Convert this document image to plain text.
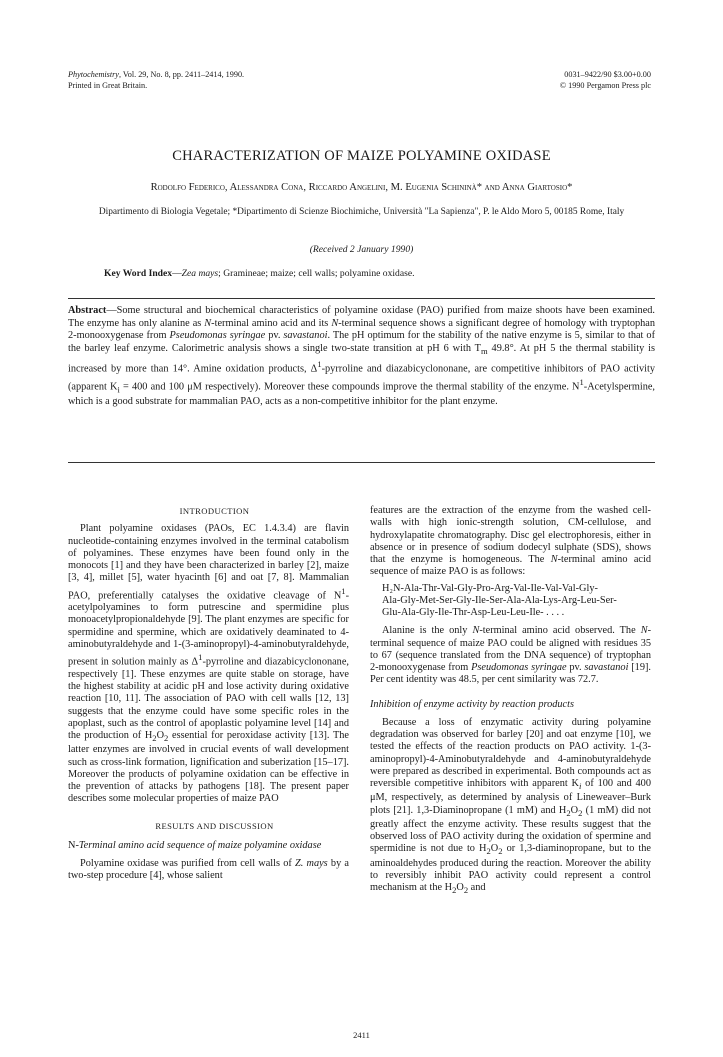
Phytochemistry, Vol. 29, No. 8, pp. 2411–2414, 1990.
Printed in Great Britain.
0031–9422/90 $3.00+0.00
© 1990 Pergamon Press plc
CHARACTERIZATION OF MAIZE POLYAMINE OXIDASE
Rodolfo Federico, Alessandra Cona, Riccardo Angelini, M. Eugenia Schininà* and Anna Giartosio*
Dipartimento di Biologia Vegetale; *Dipartimento di Scienze Biochimiche, Università "La Sapienza", P. le Aldo Moro 5, 00185 Rome, Italy
(Received 2 January 1990)
Key Word Index—Zea mays; Gramineae; maize; cell walls; polyamine oxidase.
Abstract—Some structural and biochemical characteristics of polyamine oxidase (PAO) purified from maize shoots have been examined. The enzyme has only alanine as N-terminal amino acid and its N-terminal sequence shows a significant degree of homology with tryptophan 2-monooxygenase from Pseudomonas syringae pv. savastanoi. The pH optimum for the stability of the native enzyme is 5, similar to that of the barley leaf enzyme. Calorimetric analysis shows a single two-state transition at pH 6 with $T_m$ 49.8°. At pH 5 the thermal stability is increased by more than 14°. Amine oxidation products, $\Delta^1$-pyrroline and diazabicyclononane, are competitive inhibitors of PAO activity (apparent $K_i = 400$ and 100 μM respectively). Moreover these compounds improve the thermal stability of the enzyme. $N^1$-Acetylspermine, which is a good substrate for mammalian PAO, acts as a non-competitive inhibitor for the plant enzyme.

INTRODUCTION

Plant polyamine oxidases (PAOs, EC 1.4.3.4) are flavin nucleotide-containing enzymes involved in the terminal catabolism of polyamines. These enzymes have been found only in the monocots [1] and they have been characterized in barley [2], maize [3, 4], millet [5], water hyacinth [6] and oat [7, 8]. Mammalian PAO, preferentially catalyses the oxidative cleavage of $N^1$-acetylpolyamines to form putrescine and spermidine plus monoacetylpropionaldehyde [9]. The plant enzymes are specific for spermidine and spermine, which are oxidatively deaminated to 4-aminobutyraldehyde and 1-(3-aminopropyl)-4-aminobutyraldehyde, present in solution mainly as $\Delta^1$-pyrroline and diazabicyclononane, respectively [1]. These enzymes are quite stable on storage, have the highest stability at acidic pH and lose activity during oxidative reaction [10, 11]. The association of PAO with cell walls [12, 13] suggests that the enzyme could have some specific roles in the apoplast, such as the control of apoplastic polyamine level [14] and the production of $H_2O_2$ essential for peroxidase activity [13]. The latter enzymes are involved in crucial events of wall development such as cross-link formation, lignification and suberization [15–17]. Moreover the products of polyamine oxidation can be effective in the prevention of attacks by pathogens [18]. The present paper describes some molecular properties of maize PAO

RESULTS AND DISCUSSION

N-Terminal amino acid sequence of maize polyamine oxidase

Polyamine oxidase was purified from cell walls of Z. mays by a two-step procedure [4], whose salient

features are the extraction of the enzyme from the washed cell-walls with high ionic-strength solution, CM-cellulose, and hydroxylapatite chromatography. Disc gel electrophoresis, either in absence or in presence of sodium dodecyl sulphate (SDS), shows that the enzyme is homogeneous. The N-terminal amino acid sequence of maize PAO is as follows:

H₂N-Ala-Thr-Val-Gly-Pro-Arg-Val-Ile-Val-Val-Gly-

Ala-Gly-Met-Ser-Gly-Ile-Ser-Ala-Ala-Lys-Arg-Leu-Ser-

Glu-Ala-Gly-Ile-Thr-Asp-Leu-Leu-Ile- . . . .

Alanine is the only N-terminal amino acid observed. The N-terminal sequence of maize PAO could be aligned with residues 35 to 67 (sequence translated from the DNA sequence) of tryptophan 2-monooxygenase from Pseudomonas syringae pv. savastanoi [19]. Per cent identity was 48.5, per cent similarity was 72.7.

Inhibition of enzyme activity by reaction products

Because a loss of enzymatic activity during polyamine degradation was observed for barley [20] and oat enzyme [10], we tested the effects of the reaction products on PAO activity. 1-(3-aminopropyl)-4-Aminobutyraldehyde and 4-aminobutyraldehyde were prepared as described in experimental. Both compounds act as reversible competitive inhibitors with apparent $K_i$ of 100 and 400 μM, respectively, as determined by analysis of Lineweaver–Burk plots [21]. 1,3-Diaminopropane (1 mM) and $H_2O_2$ (1 mM) did not greatly affect the enzyme activity. These results suggest that the observed loss of PAO activity during the oxidation of spermine and spermidine is not due to $H_2O_2$ or 1,3-diaminopropane, but to the aminoaldehydes produced during the reaction. Moreover the ability to reversibly inhibit PAO activity could represent a control mechanism at the $H_2O_2$ and

2411
